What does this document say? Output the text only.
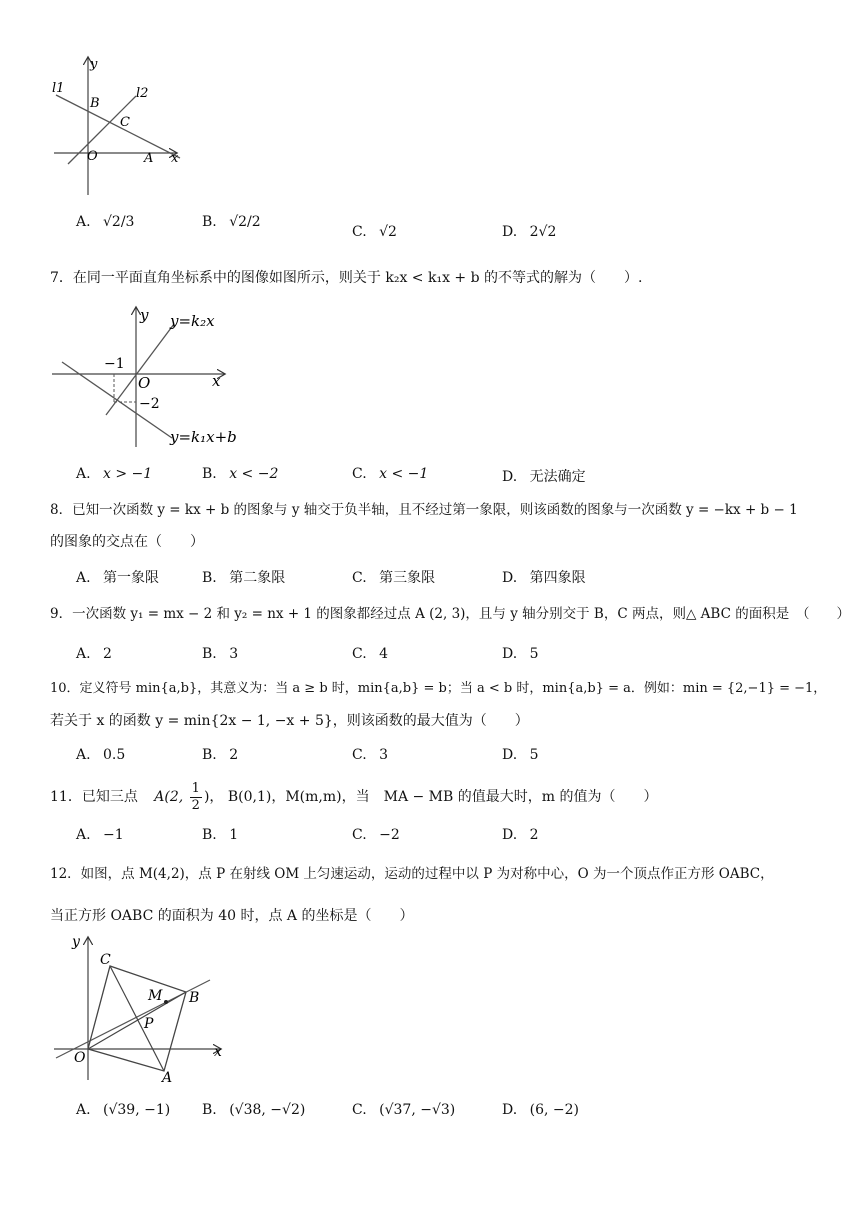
y
l1	l2
B
C
O	A x
A. √2/3	B. √2/2
C. √2	D. 2√2
7．在同一平面直角坐标系中的图像如图所示，则关于 k₂x < k₁x + b 的不等式的解为（　　）.
y y=k₂x
−1
O	x
−2
y=k₁x+b
A. x > −1	B. x < −2	C. x < −1	D. 无法确定
8．已知一次函数 y = kx + b 的图象与 y 轴交于负半轴，且不经过第一象限，则该函数的图象与一次函数 y = −kx + b − 1
的图象的交点在（　　）
A. 第一象限	B. 第二象限	C. 第三象限	D. 第四象限
9．一次函数 y₁ = mx − 2 和 y₂ = nx + 1 的图象都经过点 A (2, 3)，且与 y 轴分别交于 B，C 两点，则△ ABC 的面积是　（　　）
A. 2	B. 3	C. 4	D. 5
10．定义符号 min{a,b}，其意义为：当 a ≥ b 时，min{a,b} = b；当 a < b 时，min{a,b} = a．例如：min = {2,−1} = −1，
若关于 x 的函数 y = min{2x − 1, −x + 5}，则该函数的最大值为（　　）
A. 0.5	B. 2	C. 3	D. 5
11．已知三点 A(2, $\frac{1}{2}$ )， B(0,1)，M(m,m)，当　MA − MB 的值最大时，m 的值为（　　）
A. −1	B. 1	C. −2	D. 2
12．如图，点 M(4,2)，点 P 在射线 OM 上匀速运动，运动的过程中以 P 为对称中心，O 为一个顶点作正方形 OABC，
当正方形 OABC 的面积为 40 时，点 A 的坐标是（　　）
y
C
M B
P
O
A
x
A. (√39, −1) B. (√38, −√2)	C. (√37, −√3)	D. (6, −2)
